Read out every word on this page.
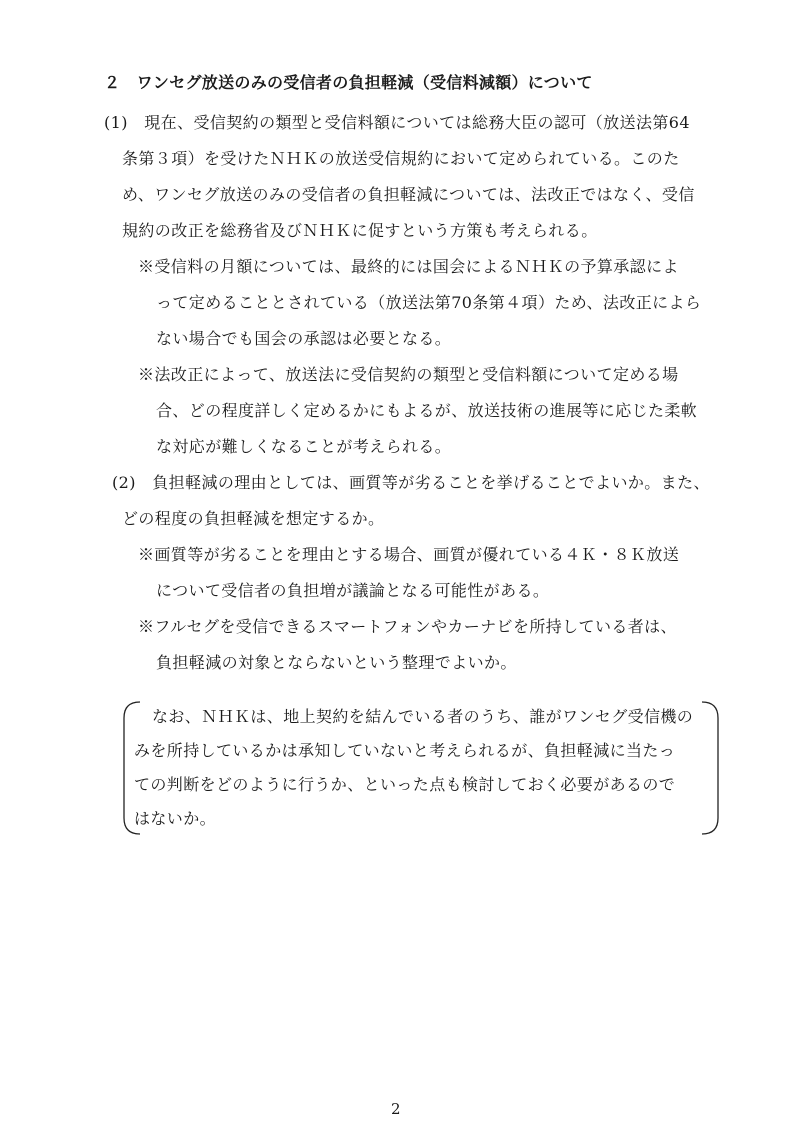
２　ワンセグ放送のみの受信者の負担軽減（受信料減額）について
(1)　現在、受信契約の類型と受信料額については総務大臣の認可（放送法第64
条第３項）を受けたＮＨＫの放送受信規約において定められている。このた
め、ワンセグ放送のみの受信者の負担軽減については、法改正ではなく、受信
規約の改正を総務省及びＮＨＫに促すという方策も考えられる。
※受信料の月額については、最終的には国会によるＮＨＫの予算承認によ
って定めることとされている（放送法第70条第４項）ため、法改正によら
ない場合でも国会の承認は必要となる。
※法改正によって、放送法に受信契約の類型と受信料額について定める場
合、どの程度詳しく定めるかにもよるが、放送技術の進展等に応じた柔軟
な対応が難しくなることが考えられる。
(2)　負担軽減の理由としては、画質等が劣ることを挙げることでよいか。また、
どの程度の負担軽減を想定するか。
※画質等が劣ることを理由とする場合、画質が優れている４Ｋ・８Ｋ放送
について受信者の負担増が議論となる可能性がある。
※フルセグを受信できるスマートフォンやカーナビを所持している者は、
負担軽減の対象とならないという整理でよいか。
なお、ＮＨＫは、地上契約を結んでいる者のうち、誰がワンセグ受信機の
みを所持しているかは承知していないと考えられるが、負担軽減に当たっ
ての判断をどのように行うか、といった点も検討しておく必要があるので
はないか。
2
